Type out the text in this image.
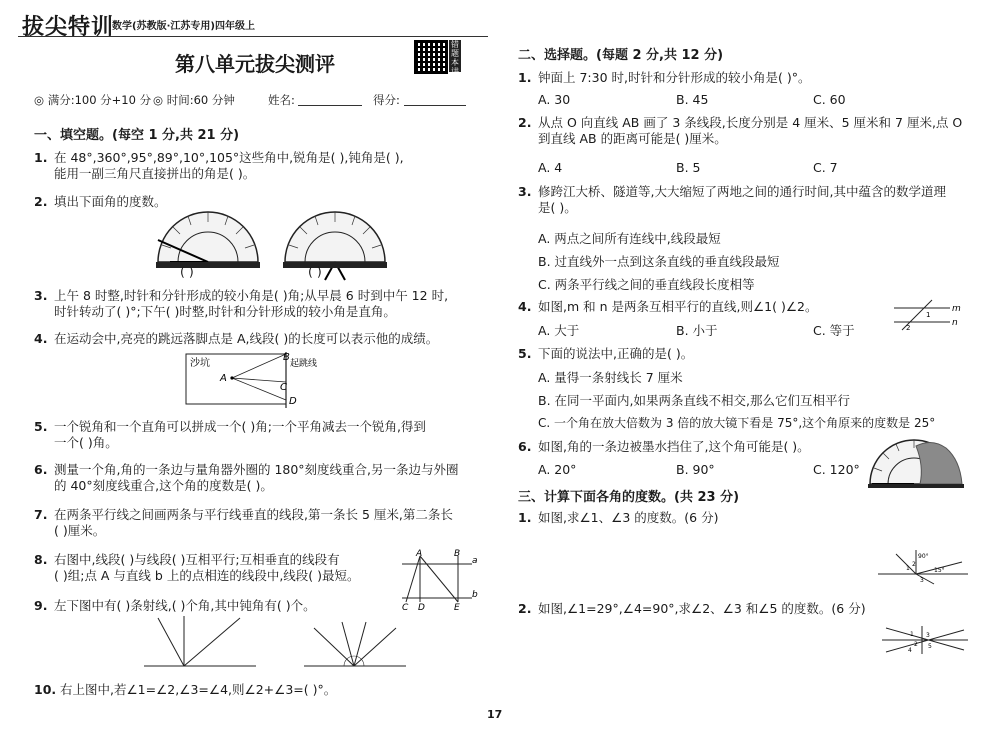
拔尖特训
数学(苏教版·江苏专用)四年级上
第八单元拔尖测评
错题本讲解视频
◎ 满分:100 分+10 分 ◎ 时间:60 分钟	姓名:	得分:
一、填空题。(每空 1 分,共 21 分)
1. 在 48°,360°,95°,89°,10°,105°这些角中,锐角是( ),钝角是( ),
能用一副三角尺直接拼出的角是( )。
2. 填出下面角的度数。
( )	( )
3. 上午 8 时整,时针和分针形成的较小角是( )角;从早晨 6 时到中午 12 时,
时针转动了( )°;下午( )时整,时针和分针形成的较小角是直角。
4. 在运动会中,亮亮的跳远落脚点是 A,线段( )的长度可以表示他的成绩。
沙坑
A
B
C
D
起跳线
5. 一个锐角和一个直角可以拼成一个( )角;一个平角减去一个锐角,得到
一个( )角。
6. 测量一个角,角的一条边与量角器外圈的 180°刻度线重合,另一条边与外圈
的 40°刻度线重合,这个角的度数是( )。
7. 在两条平行线之间画两条与平行线垂直的线段,第一条长 5 厘米,第二条长
( )厘米。
8. 右图中,线段( )与线段( )互相平行;互相垂直的线段有
( )组;点 A 与直线 b 上的点相连的线段中,线段( )最短。
A	B
C D	E
a
b
9. 左下图中有( )条射线,( )个角,其中钝角有( )个。
10. 右上图中,若∠1=∠2,∠3=∠4,则∠2+∠3=( )°。
二、选择题。(每题 2 分,共 12 分)
1. 钟面上 7:30 时,时针和分针形成的较小角是( )°。
A. 30	B. 45	C. 60
2. 从点 O 向直线 AB 画了 3 条线段,长度分别是 4 厘米、5 厘米和 7 厘米,点 O
到直线 AB 的距离可能是( )厘米。
A. 4	B. 5	C. 7
3. 修跨江大桥、隧道等,大大缩短了两地之间的通行时间,其中蕴含的数学道理
是( )。
A. 两点之间所有连线中,线段最短
B. 过直线外一点到这条直线的垂直线段最短
C. 两条平行线之间的垂直线段长度相等
4. 如图,m 和 n 是两条互相平行的直线,则∠1( )∠2。
A. 大于	B. 小于	C. 等于
m
n
1
2
5. 下面的说法中,正确的是( )。
A. 量得一条射线长 7 厘米
B. 在同一平面内,如果两条直线不相交,那么它们互相平行
C. 一个角在放大倍数为 3 倍的放大镜下看是 75°,这个角原来的度数是 25°
6. 如图,角的一条边被墨水挡住了,这个角可能是( )。
A. 20°	B. 90°	C. 120°
三、计算下面各角的度数。(共 23 分)
1. 如图,求∠1、∠3 的度数。(6 分)
90°
15°
1
2
3
2. 如图,∠1=29°,∠4=90°,求∠2、∠3 和∠5 的度数。(6 分)
1
2
3
4
5
17
